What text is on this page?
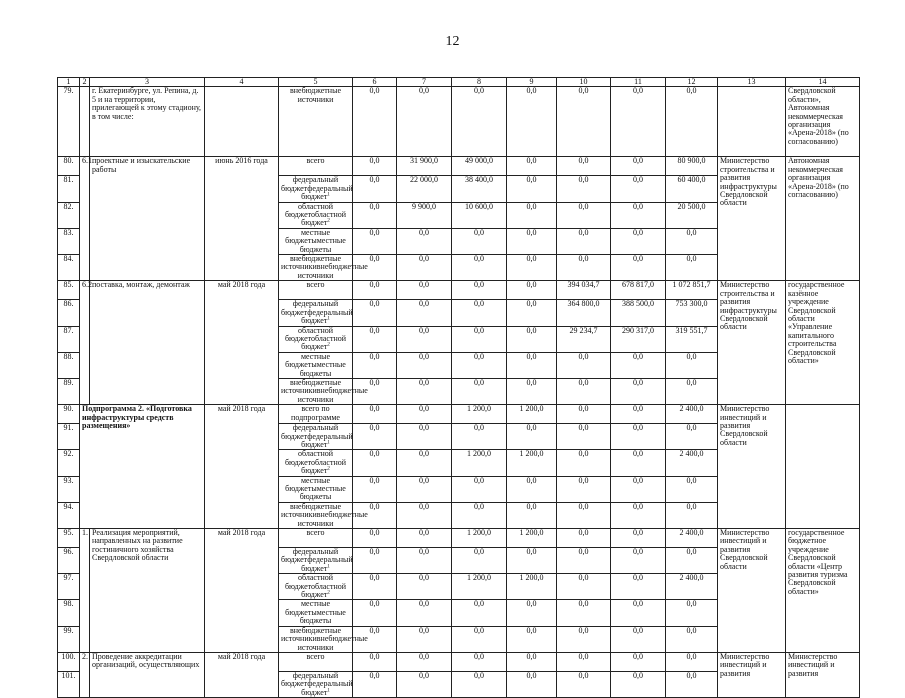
12
1	2	3	4	5	6	7	8	9	10	11	12	13	14
79.		г. Екатеринбурге, ул. Репина, д. 5 и на территории, прилегающей к этому стадиону, в том числе:		внебюджетные источники	0,0	0,0	0,0	0,0	0,0	0,0	0,0		Свердловской области», Автономная некоммерческая организация «Арена-2018» (по согласованию)
80.	6.1.	проектные и изыскательские работы	июнь 2016 года	всего	0,0	31 900,0	49 000,0	0,0	0,0	0,0	80 900,0	Министерство строительства и развития инфраструктуры Свердловской области	Автономная некоммерческая организация «Арена-2018» (по согласованию)
81.				федеральный бюджетфедеральный бюджет$^1$	0,0	22 000,0	38 400,0	0,0	0,0	0,0	60 400,0		
82.				областной бюджетобластной бюджет$^2$	0,0	9 900,0	10 600,0	0,0	0,0	0,0	20 500,0		
83.				местные бюджетыместные бюджеты	0,0	0,0	0,0	0,0	0,0	0,0	0,0		
84.				внебюджетные источникивнебюджетные источники	0,0	0,0	0,0	0,0	0,0	0,0	0,0		
85.	6.2.	поставка, монтаж, демонтаж	май 2018 года	всего	0,0	0,0	0,0	0,0	394 034,7	678 817,0	1 072 851,7	Министерство строительства и развития инфраструктуры Свердловской области	государственное казённое учреждение Свердловской области «Управление капитального строительства Свердловской области»
86.				федеральный бюджетфедеральный бюджет$^1$	0,0	0,0	0,0	0,0	364 800,0	388 500,0	753 300,0		
87.				областной бюджетобластной бюджет$^2$	0,0	0,0	0,0	0,0	29 234,7	290 317,0	319 551,7		
88.				местные бюджетыместные бюджеты	0,0	0,0	0,0	0,0	0,0	0,0	0,0		
89.				внебюджетные источникивнебюджетные источники	0,0	0,0	0,0	0,0	0,0	0,0	0,0		
90.	Подпрограмма 2. «Подготовка инфраструктуры средств размещения»		май 2018 года	всего по подпрограмме	0,0	0,0	1 200,0	1 200,0	0,0	0,0	2 400,0	Министерство инвестиций и развития Свердловской области	
91.				федеральный бюджетфедеральный бюджет$^1$	0,0	0,0	0,0	0,0	0,0	0,0	0,0		
92.				областной бюджетобластной бюджет$^2$	0,0	0,0	1 200,0	1 200,0	0,0	0,0	2 400,0		
93.				местные бюджетыместные бюджеты	0,0	0,0	0,0	0,0	0,0	0,0	0,0		
94.				внебюджетные источникивнебюджетные источники	0,0	0,0	0,0	0,0	0,0	0,0	0,0		
95.	1.	Реализация мероприятий, направленных на развитие гостиничного хозяйства Свердловской области	май 2018 года	всего	0,0	0,0	1 200,0	1 200,0	0,0	0,0	2 400,0	Министерство инвестиций и развития Свердловской области	государственное бюджетное учреждение Свердловской области «Центр развития туризма Свердловской области»
96.				федеральный бюджетфедеральный бюджет$^1$	0,0	0,0	0,0	0,0	0,0	0,0	0,0		
97.				областной бюджетобластной бюджет$^2$	0,0	0,0	1 200,0	1 200,0	0,0	0,0	2 400,0		
98.				местные бюджетыместные бюджеты	0,0	0,0	0,0	0,0	0,0	0,0	0,0		
99.				внебюджетные источникивнебюджетные источники	0,0	0,0	0,0	0,0	0,0	0,0	0,0		
100.	2.	Проведение аккредитации организаций, осуществляющих	май 2018 года	всего	0,0	0,0	0,0	0,0	0,0	0,0	0,0	Министерство инвестиций и развития	Министерство инвестиций и развития
101.				федеральный бюджетфедеральный бюджет$^1$	0,0	0,0	0,0	0,0	0,0	0,0	0,0		
